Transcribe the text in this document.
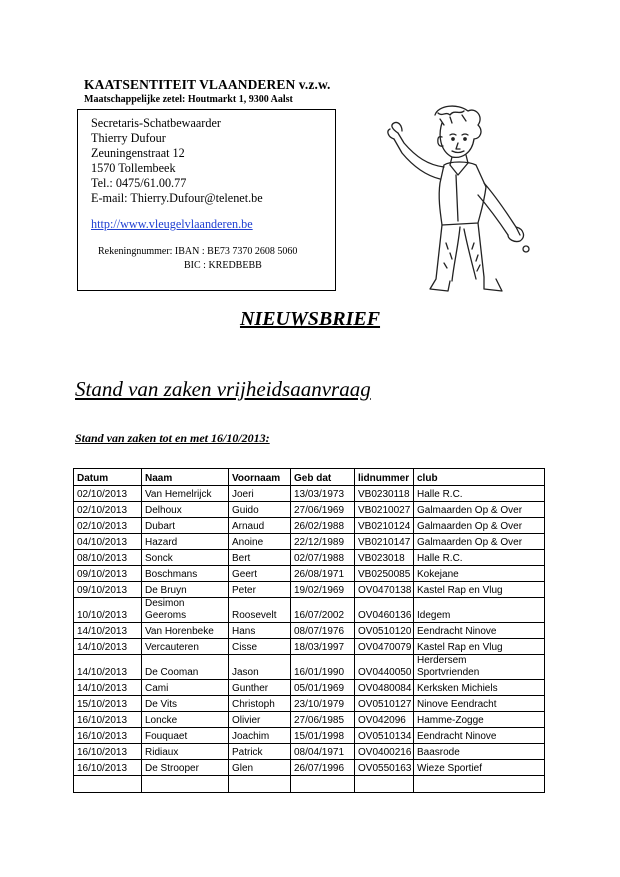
KAATSENTITEIT VLAANDEREN v.z.w.
Maatschappelijke zetel: Houtmarkt 1, 9300 Aalst
Secretaris-Schatbewaarder
Thierry Dufour
Zeuningenstraat 12
1570 Tollembeek
Tel.: 0475/61.00.77
E-mail: Thierry.Dufour@telenet.be
http://www.vleugelvlaanderen.be
Rekeningnummer: IBAN : BE73 7370 2608 5060
BIC : KREDBEBB
NIEUWSBRIEF
Stand van zaken vrijheidsaanvraag
Stand van zaken tot en met 16/10/2013:
Datum	Naam	Voornaam	Geb dat	lidnummer	club
02/10/2013	Van Hemelrijck	Joeri	13/03/1973	VB0230118	Halle R.C.
02/10/2013	Delhoux	Guido	27/06/1969	VB0210027	Galmaarden Op & Over
02/10/2013	Dubart	Arnaud	26/02/1988	VB0210124	Galmaarden Op & Over
04/10/2013	Hazard	Anoine	22/12/1989	VB0210147	Galmaarden Op & Over
08/10/2013	Sonck	Bert	02/07/1988	VB023018	Halle R.C.
09/10/2013	Boschmans	Geert	26/08/1971	VB0250085	Kokejane
09/10/2013	De Bruyn	Peter	19/02/1969	OV0470138	Kastel Rap en Vlug
10/10/2013	Desimon
Geeroms	Roosevelt	16/07/2002	OV0460136	Idegem
14/10/2013	Van Horenbeke	Hans	08/07/1976	OV0510120	Eendracht Ninove
14/10/2013	Vercauteren	Cisse	18/03/1997	OV0470079	Kastel Rap en Vlug
14/10/2013	De Cooman	Jason	16/01/1990	OV0440050	Herdersem
Sportvrienden
14/10/2013	Cami	Gunther	05/01/1969	OV0480084	Kerksken Michiels
15/10/2013	De Vits	Christoph	23/10/1979	OV0510127	Ninove Eendracht
16/10/2013	Loncke	Olivier	27/06/1985	OV042096	Hamme-Zogge
16/10/2013	Fouquaet	Joachim	15/01/1998	OV0510134	Eendracht Ninove
16/10/2013	Ridiaux	Patrick	08/04/1971	OV0400216	Baasrode
16/10/2013	De Strooper	Glen	26/07/1996	OV0550163	Wieze Sportief
